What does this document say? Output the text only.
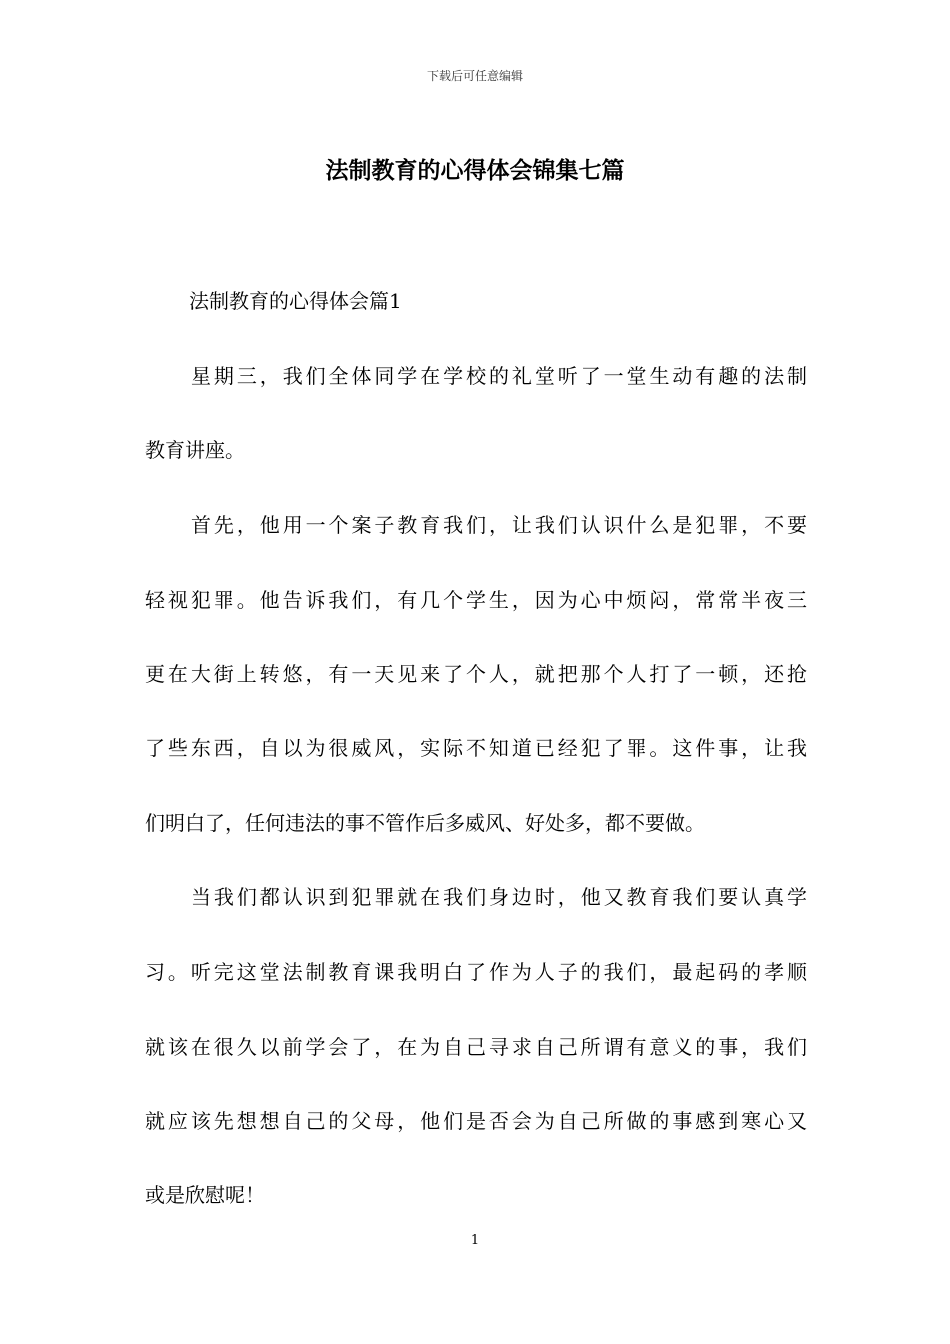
下载后可任意编辑
法制教育的心得体会锦集七篇
法制教育的心得体会篇1

星期三，我们全体同学在学校的礼堂听了一堂生动有趣的法制

教育讲座。

首先，他用一个案子教育我们，让我们认识什么是犯罪，不要

轻视犯罪。他告诉我们，有几个学生，因为心中烦闷，常常半夜三

更在大街上转悠，有一天见来了个人，就把那个人打了一顿，还抢

了些东西，自以为很威风，实际不知道已经犯了罪。这件事，让我

们明白了，任何违法的事不管作后多威风、好处多，都不要做。

当我们都认识到犯罪就在我们身边时，他又教育我们要认真学

习。听完这堂法制教育课我明白了作为人子的我们，最起码的孝顺

就该在很久以前学会了，在为自己寻求自己所谓有意义的事，我们

就应该先想想自己的父母，他们是否会为自己所做的事感到寒心又

或是欣慰呢！

1
